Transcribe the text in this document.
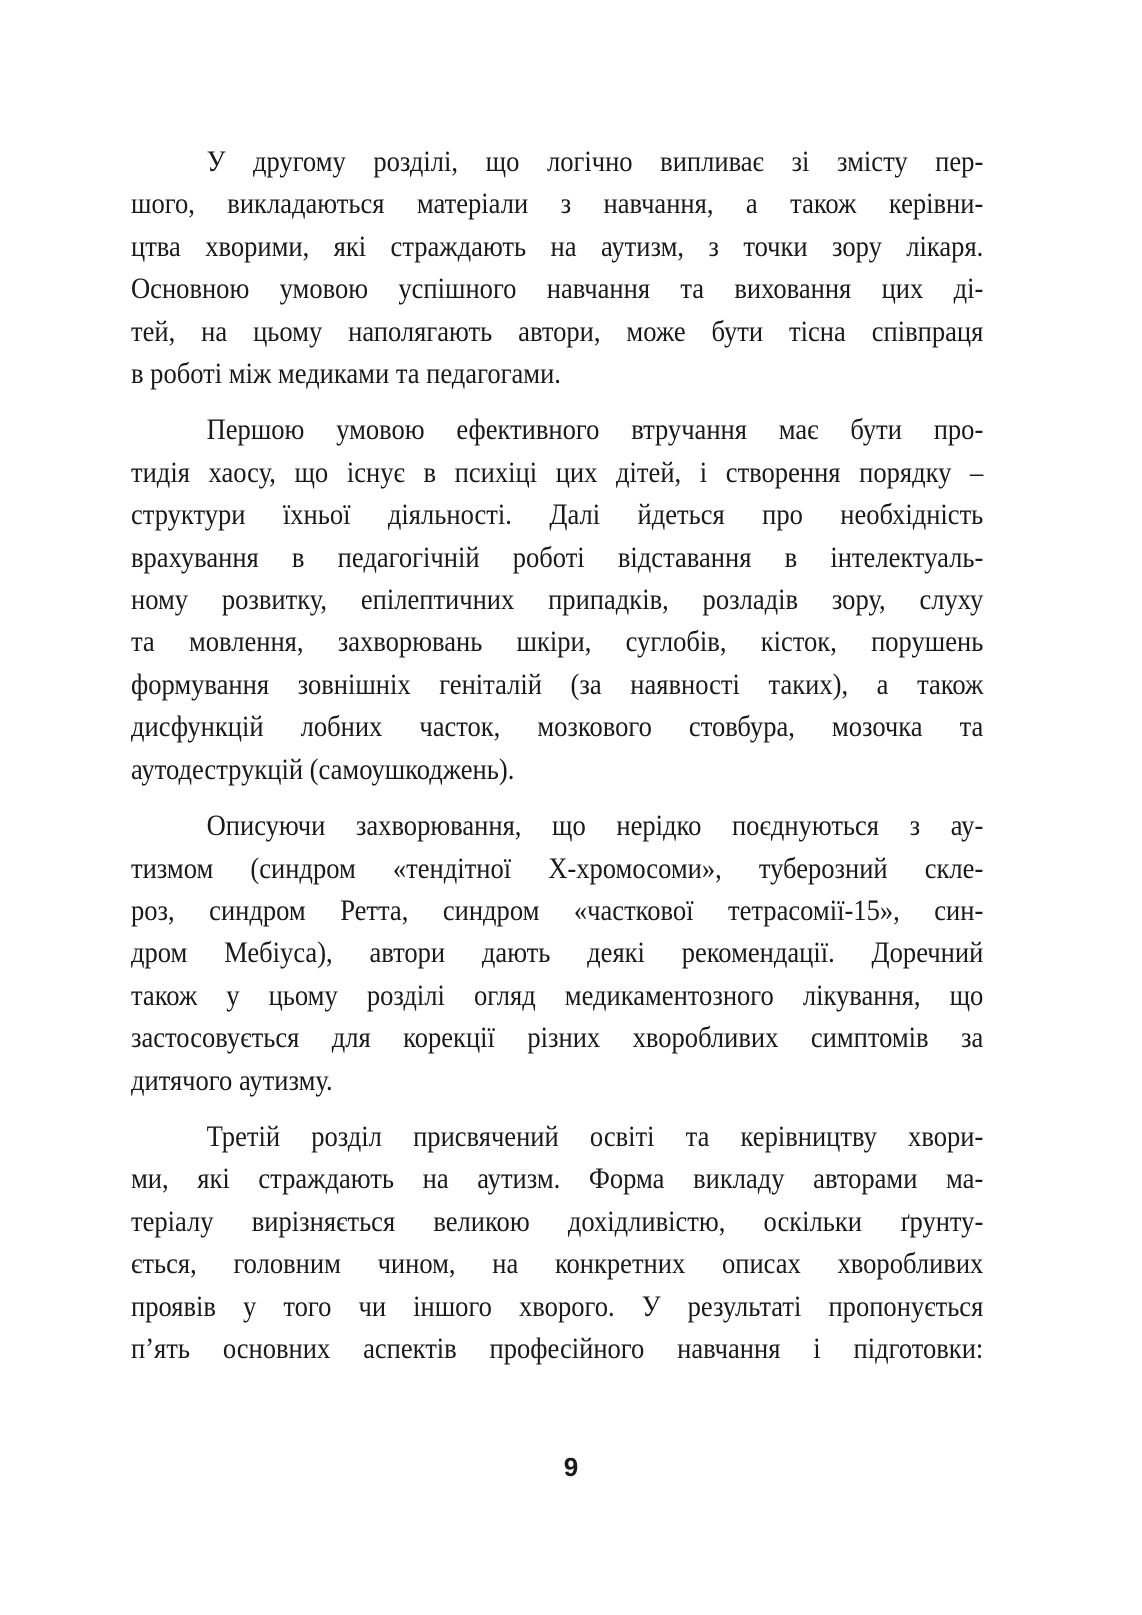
У другому розділі, що логічно випливає зі змісту пер-
шого, викладаються матеріали з навчання, а також керівни-
цтва хворими, які страждають на аутизм, з точки зору лікаря.
Основною умовою успішного навчання та виховання цих ді-
тей, на цьому наполягають автори, може бути тісна співпраця
в роботі між медиками та педагогами.

Першою умовою ефективного втручання має бути про-
тидія хаосу, що існує в психіці цих дітей, і створення порядку –
структури їхньої діяльності. Далі йдеться про необхідність
врахування в педагогічній роботі відставання в інтелектуаль-
ному розвитку, епілептичних припадків, розладів зору, слуху
та мовлення, захворювань шкіри, суглобів, кісток, порушень
формування зовнішніх геніталій (за наявності таких), а також
дисфункцій лобних часток, мозкового стовбура, мозочка та
аутодеструкцій (самоушкоджень).

Описуючи захворювання, що нерідко поєднуються з ау-
тизмом (синдром «тендітної Х-хромосоми», туберозний скле-
роз, синдром Ретта, синдром «часткової тетрасомії-15», син-
дром Мебіуса), автори дають деякі рекомендації. Доречний
також у цьому розділі огляд медикаментозного лікування, що
застосовується для корекції різних хворобливих симптомів за
дитячого аутизму.

Третій розділ присвячений освіті та керівництву хвори-
ми, які страждають на аутизм. Форма викладу авторами ма-
теріалу вирізняється великою дохідливістю, оскільки ґрунту-
ється, головним чином, на конкретних описах хворобливих
проявів у того чи іншого хворого. У результаті пропонується
п’ять основних аспектів професійного навчання і підготовки:

9
